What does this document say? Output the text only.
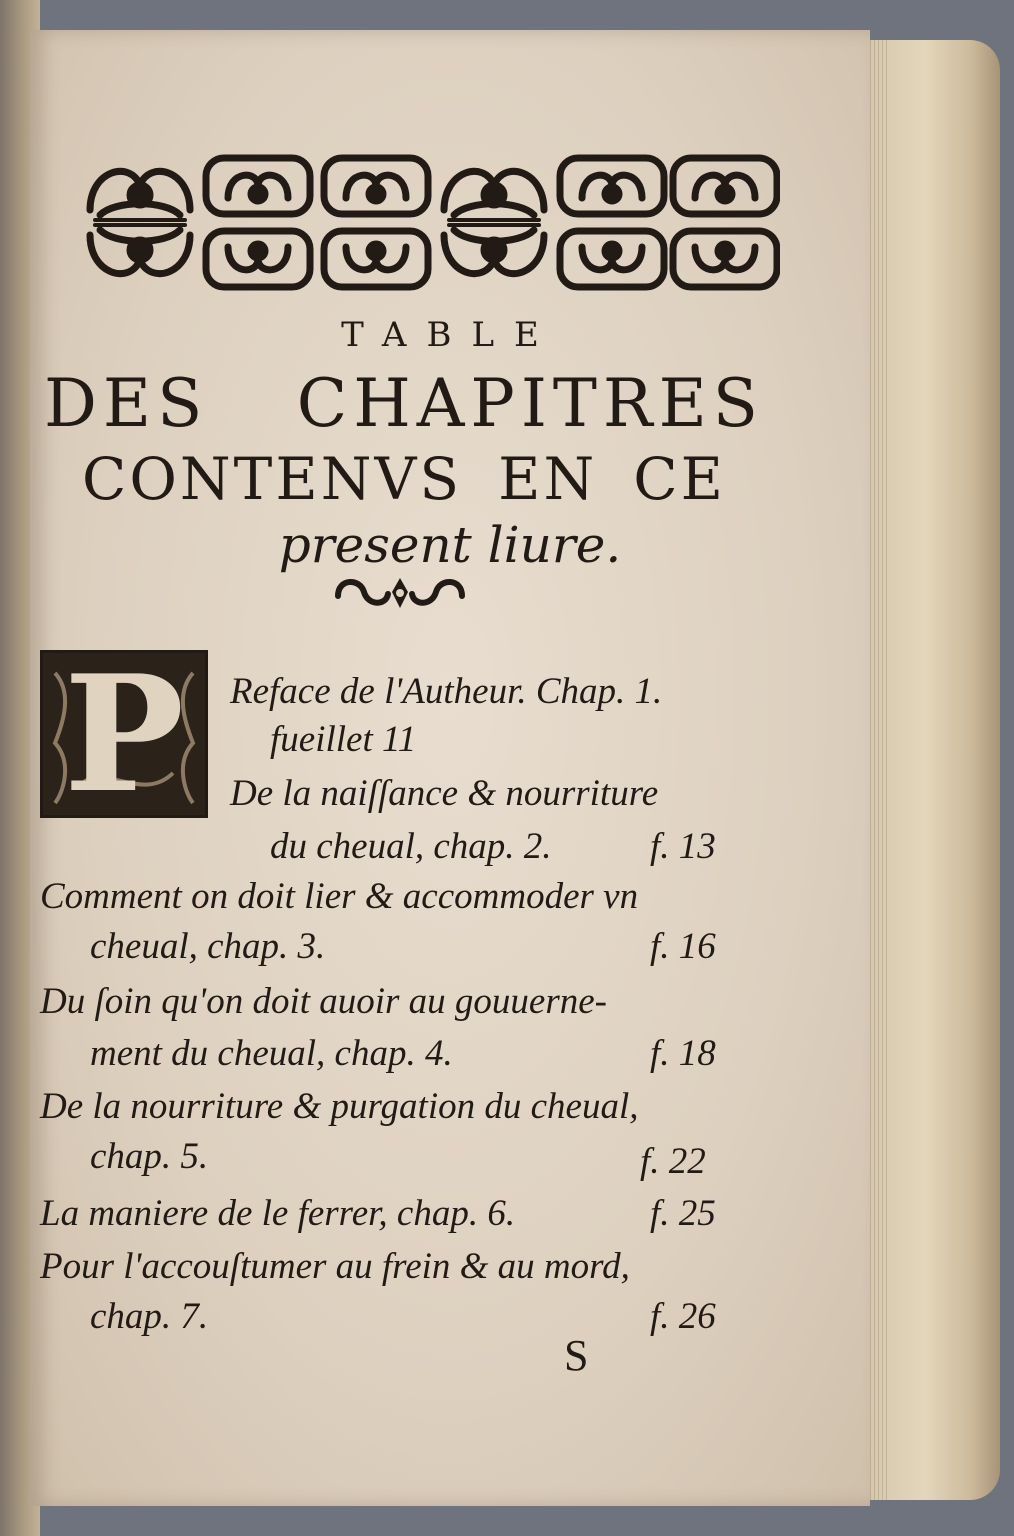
TABLE
DES CHAPITRES
CONTENVS EN CE
present liure.
P	Reface de l'Autheur. Chap. 1.
fueillet 11
De la naiſſance & nourriture
du cheual, chap. 2.	f. 13
Comment on doit lier & accommoder vn
cheual, chap. 3.	f. 16
Du ſoin qu'on doit auoir au gouuerne-
ment du cheual, chap. 4.	f. 18
De la nourriture & purgation du cheual,
chap. 5.	f. 22
La maniere de le ferrer, chap. 6.	f. 25
Pour l'accouſtumer au frein & au mord,
chap. 7.	f. 26
S
